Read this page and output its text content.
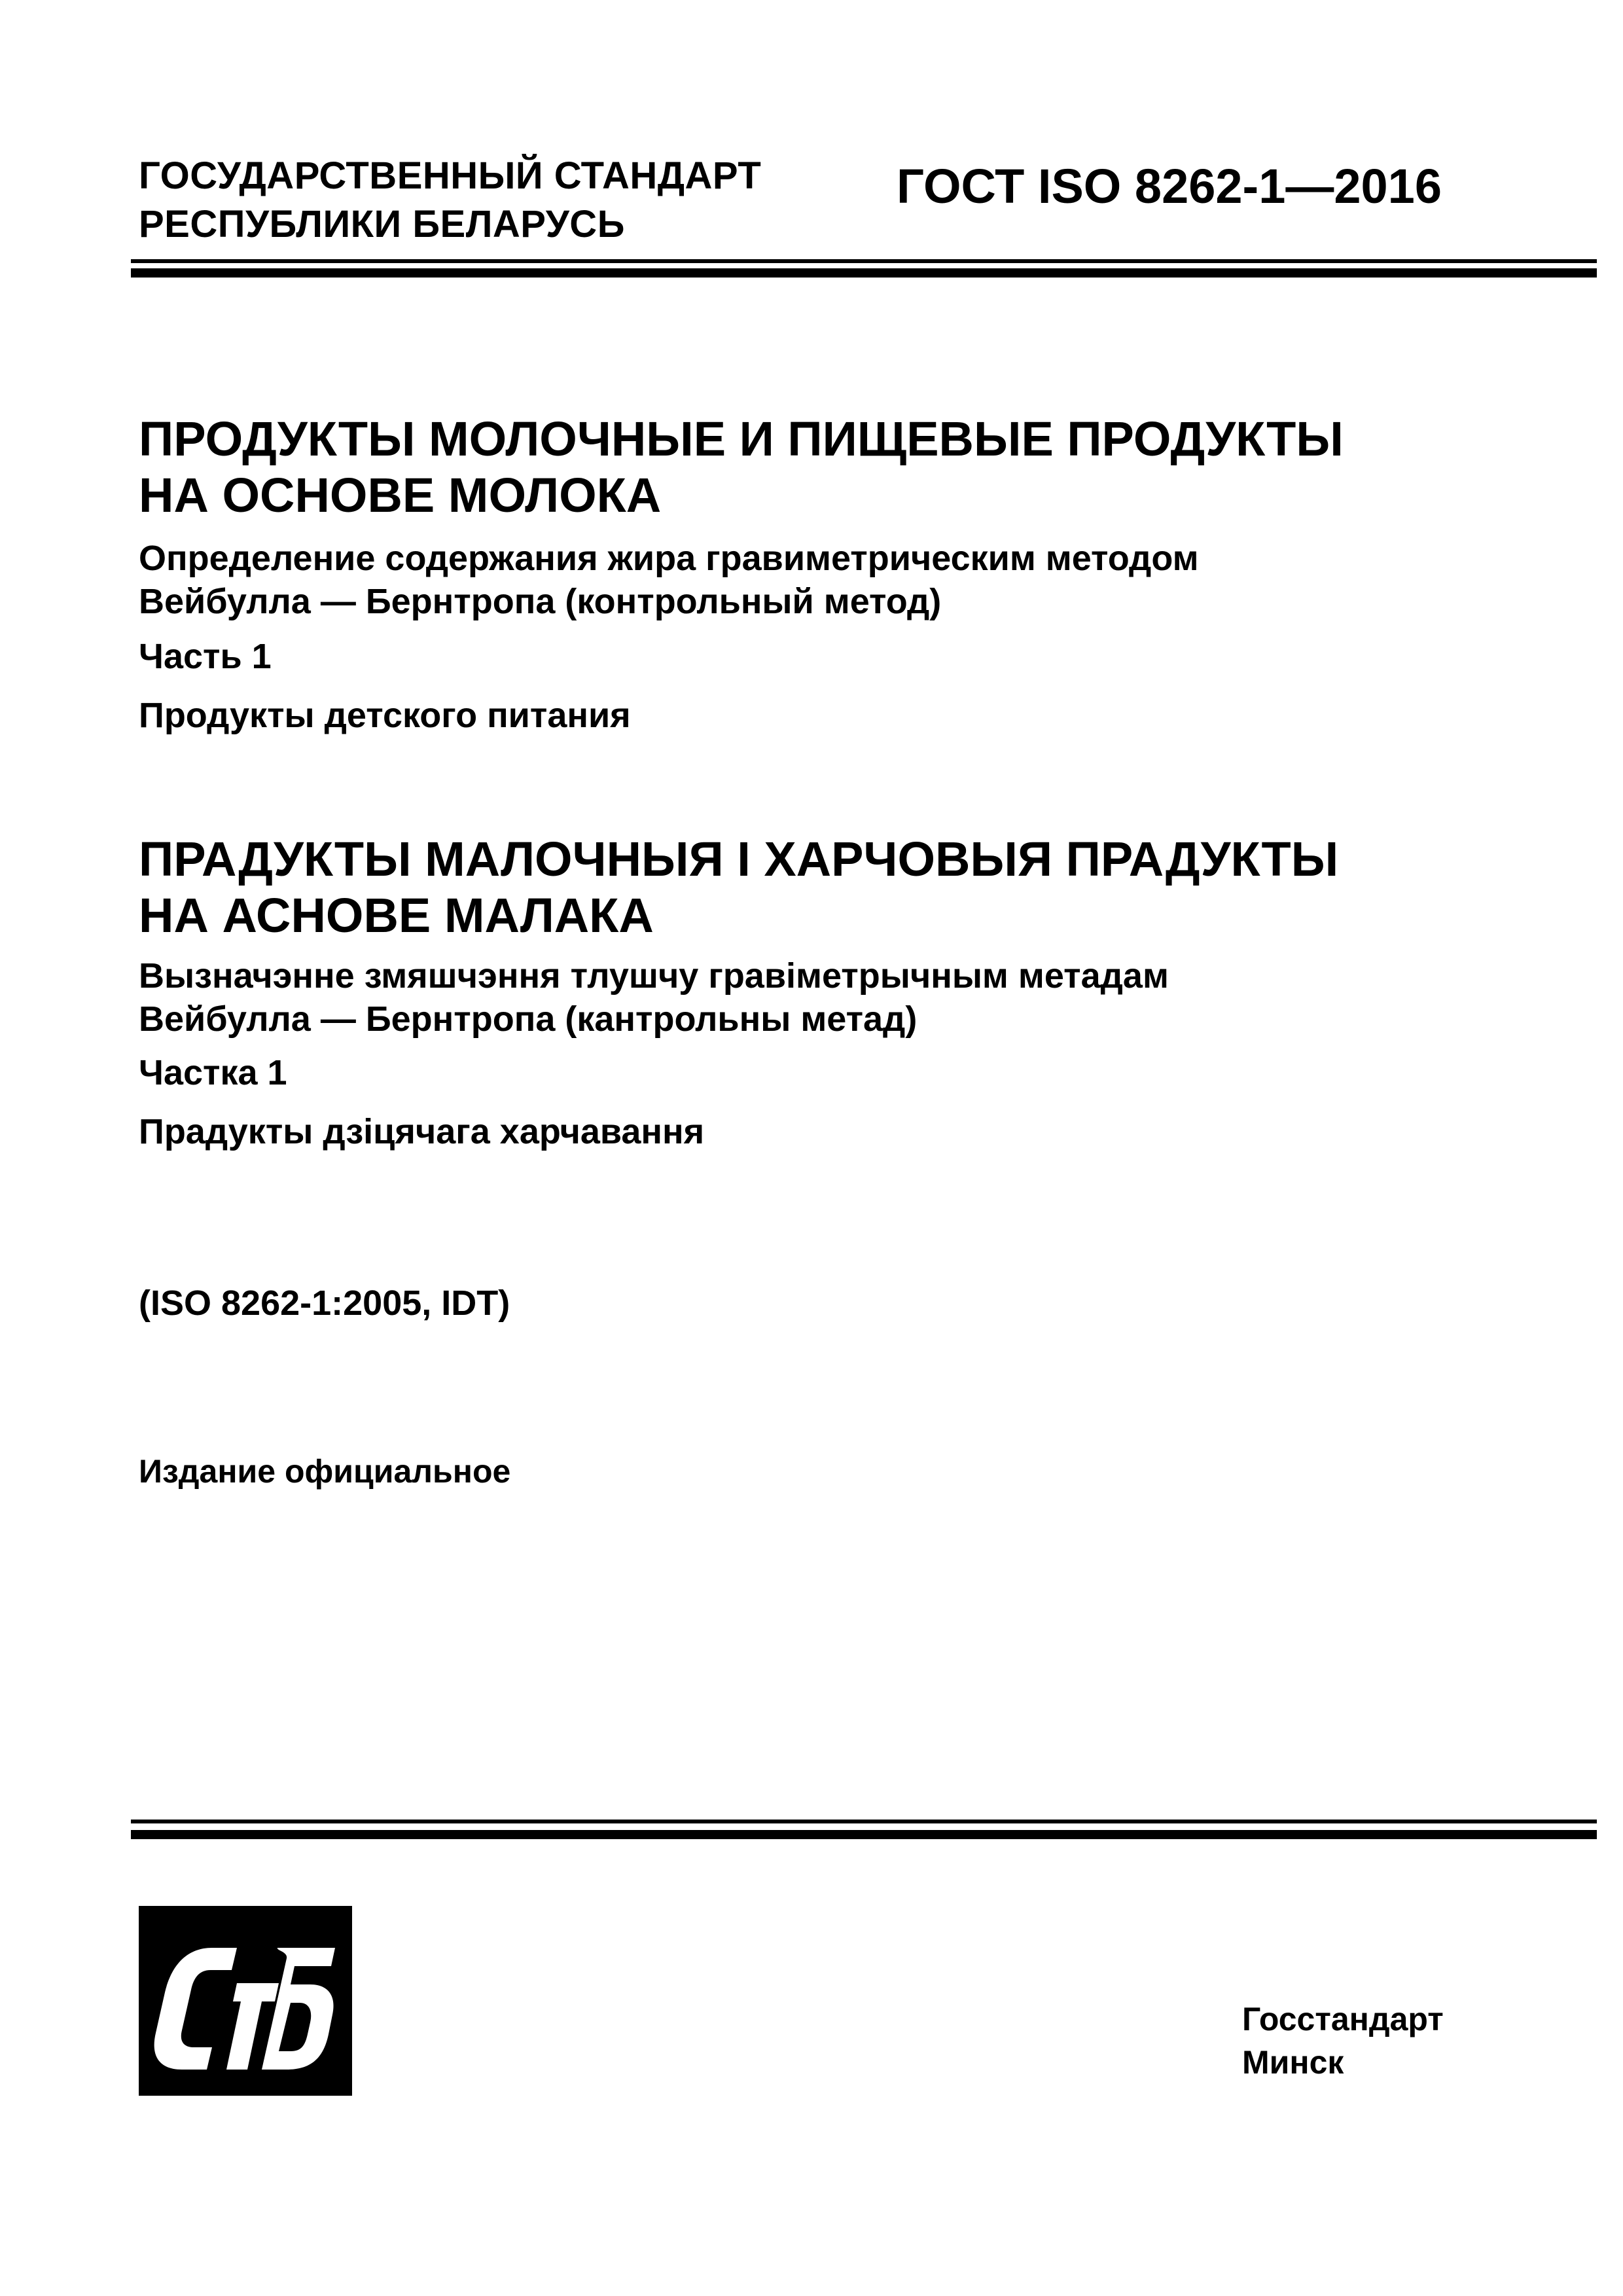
ГОСУДАРСТВЕННЫЙ СТАНДАРТ
РЕСПУБЛИКИ БЕЛАРУСЬ
ГОСТ ISO 8262-1—2016
ПРОДУКТЫ МОЛОЧНЫЕ И ПИЩЕВЫЕ ПРОДУКТЫ
НА ОСНОВЕ МОЛОКА
Определение содержания жира гравиметрическим методом
Вейбулла — Бернтропа (контрольный метод)
Часть 1
Продукты детского питания
ПРАДУКТЫ МАЛОЧНЫЯ І ХАРЧОВЫЯ ПРАДУКТЫ
НА АСНОВЕ МАЛАКА
Вызначэнне змяшчэння тлушчу гравіметрычным метадам
Вейбулла — Бернтропа (кантрольны метад)
Частка 1
Прадукты дзіцячага харчавання
(ISO 8262-1:2005, IDT)
Издание официальное
Госстандарт
Минск
